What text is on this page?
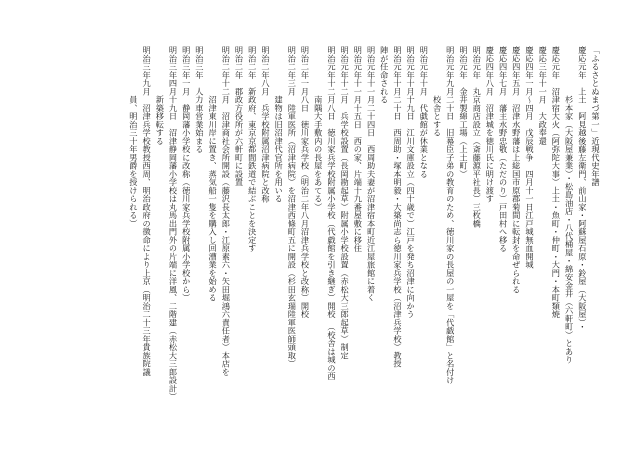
「ふるさとぬまづ第一」近現代史年譜
慶応元年　上土　阿見越後藤左衛門、前山家・阿蘇屋石原・鈴屋（大阪屋）・
　　　　　　杉本家（大阪屋兼業）・松島油店・八代桶屋・綿安金井（六軒町）とあり
慶応元年　沼津宿大火（阿弥陀大事）上土・魚町・仲町・大門・本町類焼
慶応三年十一月　大政奉還
慶応四年一月～四月　戊辰戦争　四月十一日江戸城無血開城
慶応四年五月　沼津水野藩は上総国市原郡菊間に転封を命ぜられる
慶応四年七月　藩主水野忠敬（ただのり）戸田村へ移る
慶応四年八月　沼津城を徳川氏に明け渡す
明治元年　丸京商店設立（斎藤源平社長）三枚橋
明治元年　金井製綿工場（上土町）
明治元年九月二十日　旧幕臣子弟の教育のため、徳川家の長屋の一屋を「代戯館」と名付け
　　　　　　校舎とする
明治元年十月　代戯館が休業となる
明治元年十月十九日　江川文庫設立（四十歳で）江戸を発ち沼津に向かう
明治元年十月二十日　西周助・塚本明毅・大築尚志ら徳川家兵学校（沼津兵学校）教授
陣が任命される
明治元年十一月二十四日　西周助夫妻が沼津宿本町近江屋旅館に着く
明治元年十一月十五日　西の家、片端十九番屋敷に移住
明治元年十二月　兵学校設置（長岡勘起草）附属小学校設置（赤松大三郎起草）制定
明治元年十二月八日　徳川家兵学校附属小学校（代戯館を引き継ぎ）開校　（校舎は城の西
　　　　　　南隅大手敷内の長屋をあてる）
明治二年一月八日　徳川家兵学校（明治二年八月沼津兵学校と改称）開校
明治二年三月　陸軍医所（沼津病院）を沼津西條町五に開設（杉田玄瑞陸軍医師頭取）
　　　　　　建物は旧沼津代官所を用いる
明治二年八月　兵学校附属沼津病院と改称
明治二年　新政府、東京京都間鉄道で結ぶことを決定す
明治二年　郡政方役所が六軒町に設置
明治二年十二月　沼津商社会所開設（藤沢長太郎・江原素六・矢田堀鴻六責任者）本店を
　　　　　　沼津東川岸に置き、蒸気船一隻を購入し回漕業を始める
明治三年　人力車営業始まる
明治三年一月　静岡藩小学校に改称（徳川家兵学校附属小学校から）
明治三年四月十九日　沼津静岡藩小学校は丸馬出門外の片端に洋風、二階建（赤松大三郎設計）
　　　　　　新築移転する
明治三年九月　沼津兵学校教授西周、明治政府の徴命により上京（明治二十三年貴族院議
　　　　　　員、明治三十年男爵を授けられる）
